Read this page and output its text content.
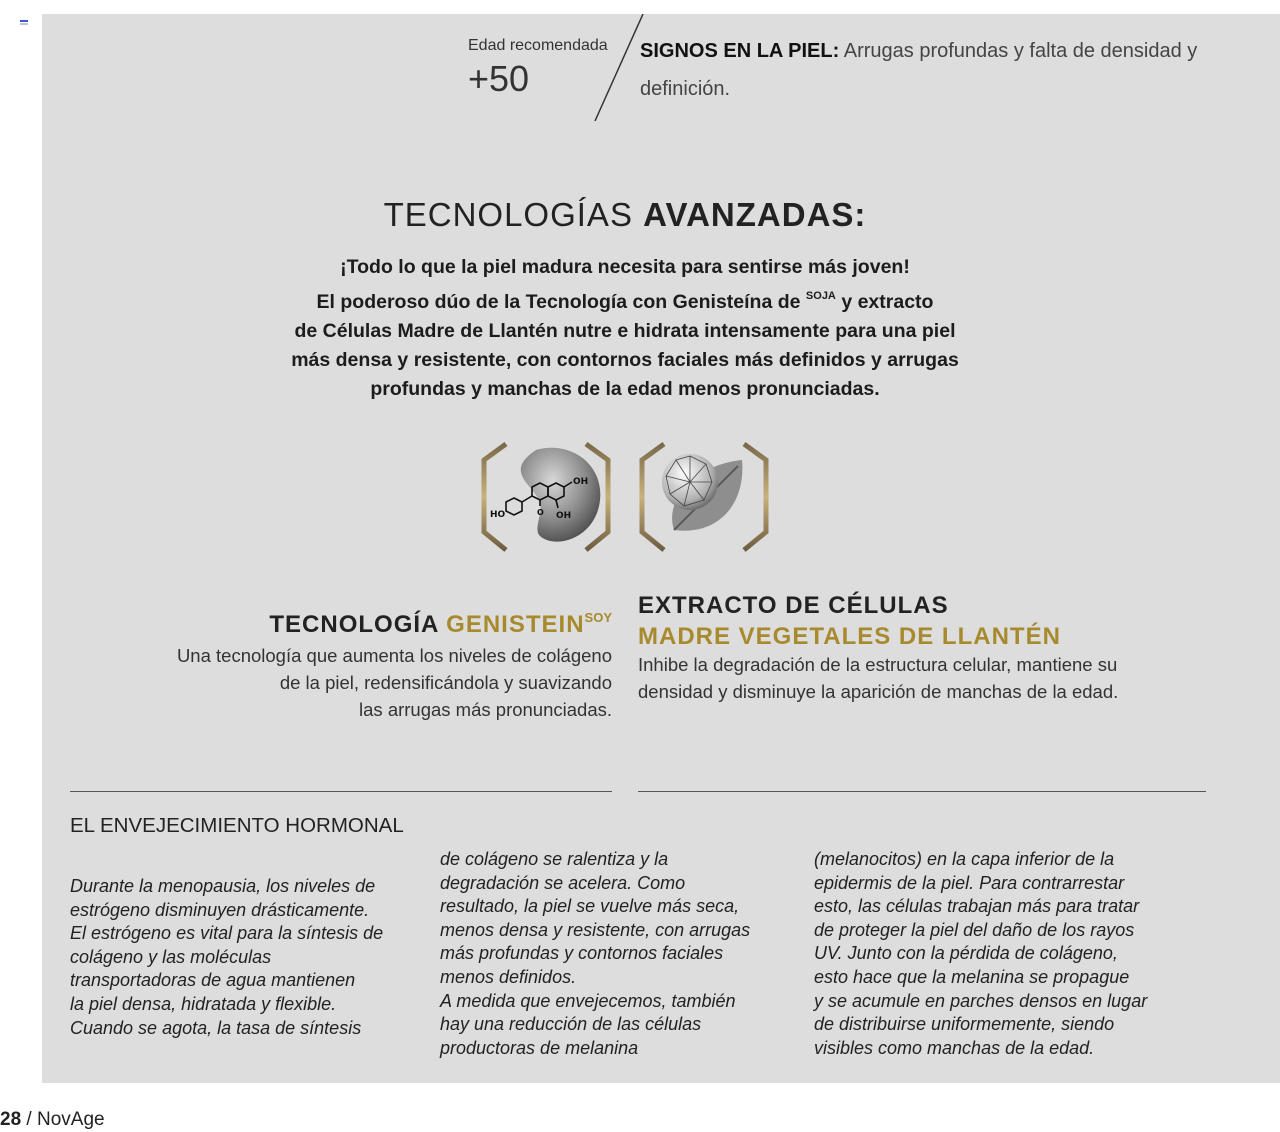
Edad recomendada
+50
SIGNOS EN LA PIEL: Arrugas profundas y falta de densidad y definición.
TECNOLOGÍAS AVANZADAS:
¡Todo lo que la piel madura necesita para sentirse más joven!
El poderoso dúo de la Tecnología con Genisteína de $^{SOJA}$ y extracto
de Células Madre de Llantén nutre e hidrata intensamente para una piel
más densa y resistente, con contornos faciales más definidos y arrugas
profundas y manchas de la edad menos pronunciadas.
HO
OH
OH
O
TECNOLOGÍA $GENISTEIN^{SOY}$
Una tecnología que aumenta los niveles de colágeno
de la piel, redensificándola y suavizando
las arrugas más pronunciadas.
EXTRACTO DE CÉLULAS
MADRE VEGETALES DE LLANTÉN
Inhibe la degradación de la estructura celular, mantiene su
densidad y disminuye la aparición de manchas de la edad.
EL ENVEJECIMIENTO HORMONAL

Durante la menopausia, los niveles de

estrógeno disminuyen drásticamente.

El estrógeno es vital para la síntesis de

colágeno y las moléculas

transportadoras de agua mantienen

la piel densa, hidratada y flexible.

Cuando se agota, la tasa de síntesis

de colágeno se ralentiza y la

degradación se acelera. Como

resultado, la piel se vuelve más seca,

menos densa y resistente, con arrugas

más profundas y contornos faciales

menos definidos.

A medida que envejecemos, también

hay una reducción de las células

productoras de melanina

(melanocitos) en la capa inferior de la

epidermis de la piel. Para contrarrestar

esto, las células trabajan más para tratar

de proteger la piel del daño de los rayos

UV. Junto con la pérdida de colágeno,

esto hace que la melanina se propague

y se acumule en parches densos en lugar

de distribuirse uniformemente, siendo

visibles como manchas de la edad.

28 / NovAge
